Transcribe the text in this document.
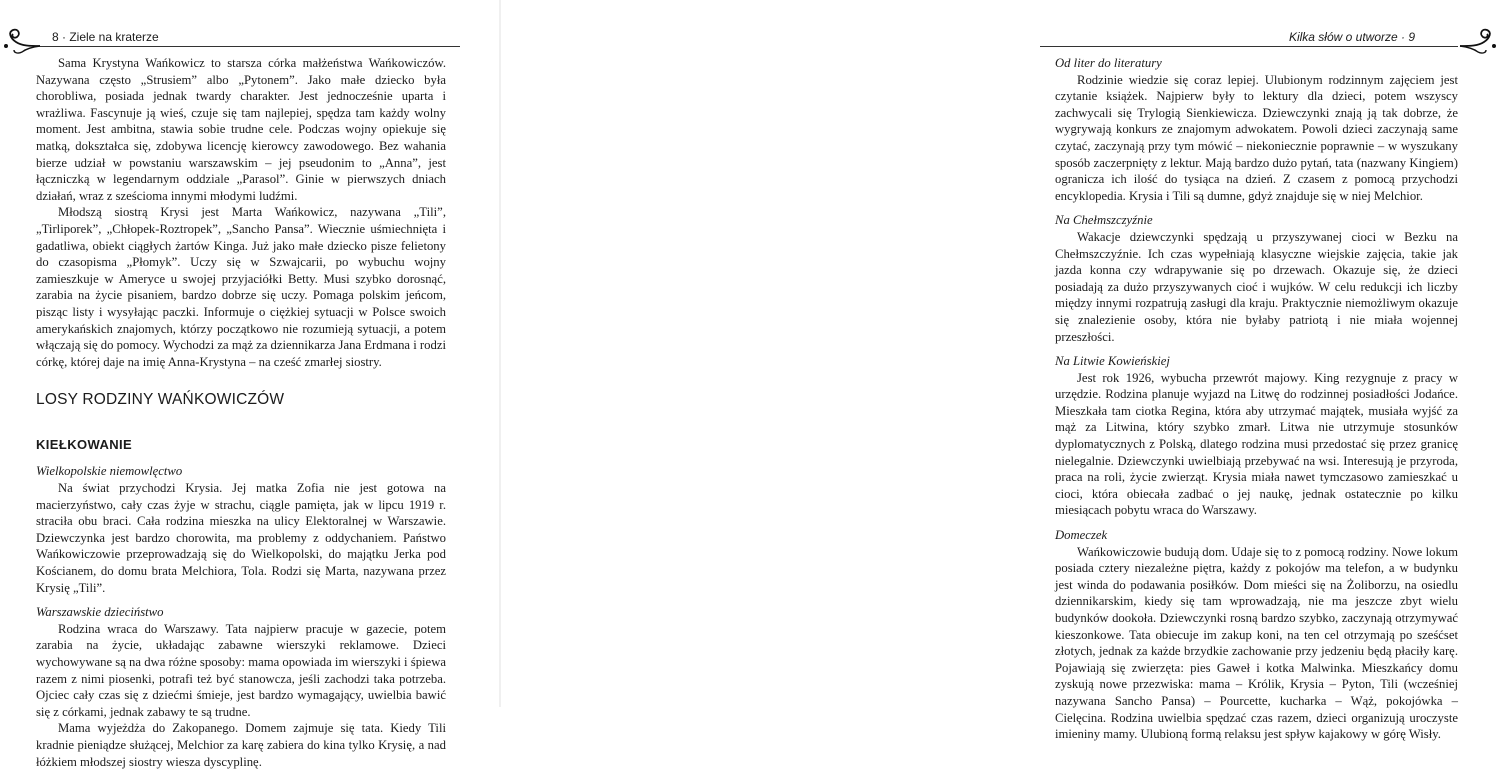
8 · Ziele na kraterze

Sama Krystyna Wańkowicz to starsza córka małżeństwa Wańkowiczów. Nazywana często „Strusiem” albo „Pytonem”. Jako małe dziecko była chorobliwa, posiada jednak twardy charakter. Jest jednocześnie uparta i wrażliwa. Fascynuje ją wieś, czuje się tam najlepiej, spędza tam każdy wolny moment. Jest ambitna, stawia sobie trudne cele. Podczas wojny opiekuje się matką, dokształca się, zdobywa licencję kierowcy zawodowego. Bez wahania bierze udział w powstaniu warszawskim – jej pseudonim to „Anna”, jest łączniczką w legendarnym oddziale „Parasol”. Ginie w pierwszych dniach działań, wraz z sześcioma innymi młodymi ludźmi.

Młodszą siostrą Krysi jest Marta Wańkowicz, nazywana „Tili”, „Tirliporek”, „Chłopek-Roztropek”, „Sancho Pansa”. Wiecznie uśmiechnięta i gadatliwa, obiekt ciągłych żartów Kinga. Już jako małe dziecko pisze felietony do czasopisma „Płomyk”. Uczy się w Szwajcarii, po wybuchu wojny zamieszkuje w Ameryce u swojej przyjaciółki Betty. Musi szybko dorosnąć, zarabia na życie pisaniem, bardzo dobrze się uczy. Pomaga polskim jeńcom, pisząc listy i wysyłając paczki. Informuje o ciężkiej sytuacji w Polsce swoich amerykańskich znajomych, którzy początkowo nie rozumieją sytuacji, a potem włączają się do pomocy. Wychodzi za mąż za dziennikarza Jana Erdmana i rodzi córkę, której daje na imię Anna-Krystyna – na cześć zmarłej siostry.

LOSY RODZINY WAŃKOWICZÓW
KIEŁKOWANIE
Wielkopolskie niemowlęctwo

Na świat przychodzi Krysia. Jej matka Zofia nie jest gotowa na macierzyństwo, cały czas żyje w strachu, ciągle pamięta, jak w lipcu 1919 r. straciła obu braci. Cała rodzina mieszka na ulicy Elektoralnej w Warszawie. Dziewczynka jest bardzo chorowita, ma problemy z oddychaniem. Państwo Wańkowiczowie przeprowadzają się do Wielkopolski, do majątku Jerka pod Kościanem, do domu brata Melchiora, Tola. Rodzi się Marta, nazywana przez Krysię „Tili”.

Warszawskie dzieciństwo

Rodzina wraca do Warszawy. Tata najpierw pracuje w gazecie, potem zarabia na życie, układając zabawne wierszyki reklamowe. Dzieci wychowywane są na dwa różne sposoby: mama opowiada im wierszyki i śpiewa razem z nimi piosenki, potrafi też być stanowcza, jeśli zachodzi taka potrzeba. Ojciec cały czas się z dziećmi śmieje, jest bardzo wymagający, uwielbia bawić się z córkami, jednak zabawy te są trudne.

Mama wyjeżdża do Zakopanego. Domem zajmuje się tata. Kiedy Tili kradnie pieniądze służącej, Melchior za karę zabiera do kina tylko Krysię, a nad łóżkiem młodszej siostry wiesza dyscyplinę.

Kilka słów o utworze · 9
Od liter do literatury

Rodzinie wiedzie się coraz lepiej. Ulubionym rodzinnym zajęciem jest czytanie książek. Najpierw były to lektury dla dzieci, potem wszyscy zachwycali się Trylogią Sienkiewicza. Dziewczynki znają ją tak dobrze, że wygrywają konkurs ze znajomym adwokatem. Powoli dzieci zaczynają same czytać, zaczynają przy tym mówić – niekoniecznie poprawnie – w wyszukany sposób zaczerpnięty z lektur. Mają bardzo dużo pytań, tata (nazwany Kingiem) ogranicza ich ilość do tysiąca na dzień. Z czasem z pomocą przychodzi encyklopedia. Krysia i Tili są dumne, gdyż znajduje się w niej Melchior.

Na Chełmszczyźnie

Wakacje dziewczynki spędzają u przyszywanej cioci w Bezku na Chełmszczyźnie. Ich czas wypełniają klasyczne wiejskie zajęcia, takie jak jazda konna czy wdrapywanie się po drzewach. Okazuje się, że dzieci posiadają za dużo przyszywanych cioć i wujków. W celu redukcji ich liczby między innymi rozpatrują zasługi dla kraju. Praktycznie niemożliwym okazuje się znalezienie osoby, która nie byłaby patriotą i nie miała wojennej przeszłości.

Na Litwie Kowieńskiej

Jest rok 1926, wybucha przewrót majowy. King rezygnuje z pracy w urzędzie. Rodzina planuje wyjazd na Litwę do rodzinnej posiadłości Jodańce. Mieszkała tam ciotka Regina, która aby utrzymać majątek, musiała wyjść za mąż za Litwina, który szybko zmarł. Litwa nie utrzymuje stosunków dyplomatycznych z Polską, dlatego rodzina musi przedostać się przez granicę nielegalnie. Dziewczynki uwielbiają przebywać na wsi. Interesują je przyroda, praca na roli, życie zwierząt. Krysia miała nawet tymczasowo zamieszkać u cioci, która obiecała zadbać o jej naukę, jednak ostatecznie po kilku miesiącach pobytu wraca do Warszawy.

Domeczek

Wańkowiczowie budują dom. Udaje się to z pomocą rodziny. Nowe lokum posiada cztery niezależne piętra, każdy z pokojów ma telefon, a w budynku jest winda do podawania posiłków. Dom mieści się na Żoliborzu, na osiedlu dziennikarskim, kiedy się tam wprowadzają, nie ma jeszcze zbyt wielu budynków dookoła. Dziewczynki rosną bardzo szybko, zaczynają otrzymywać kieszonkowe. Tata obiecuje im zakup koni, na ten cel otrzymają po sześćset złotych, jednak za każde brzydkie zachowanie przy jedzeniu będą płaciły karę. Pojawiają się zwierzęta: pies Gaweł i kotka Malwinka. Mieszkańcy domu zyskują nowe przezwiska: mama – Królik, Krysia – Pyton, Tili (wcześniej nazywana Sancho Pansa) – Pourcette, kucharka – Wąż, pokojówka – Cielęcina. Rodzina uwielbia spędzać czas razem, dzieci organizują uroczyste imieniny mamy. Ulubioną formą relaksu jest spływ kajakowy w górę Wisły.
